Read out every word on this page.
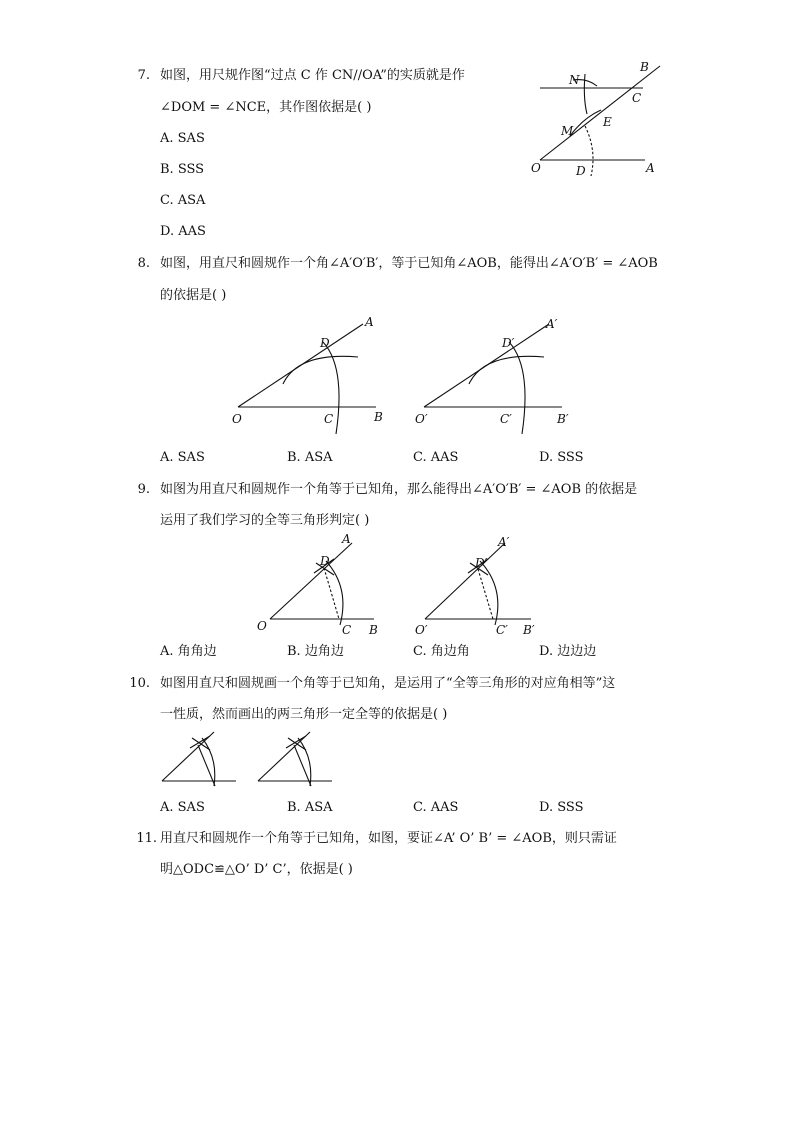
7. 如图，用尺规作图“过点 C 作 CN//OA”的实质就是作
∠DOM = ∠NCE，其作图依据是( )
A. SAS
B. SSS
C. ASA
D. AAS
N
B
C
M
E
O	D	A
8. 如图，用直尺和圆规作一个角∠A′O′B′，等于已知角∠AOB，能得出∠A′O′B′ = ∠AOB
的依据是( )
A
D
O	C	B
A′
D′
O′	C′	B′
A. SAS	B. ASA	C. AAS	D. SSS
9. 如图为用直尺和圆规作一个角等于已知角，那么能得出∠A′O′B′ = ∠AOB 的依据是
运用了我们学习的全等三角形判定( )
A
D
O	C B
A′
D′
O′	C′ B′
A. 角角边	B. 边角边	C. 角边角	D. 边边边
10. 如图用直尺和圆规画一个角等于已知角，是运用了“全等三角形的对应角相等”这
一性质，然而画出的两三角形一定全等的依据是( )
A. SAS	B. ASA	C. AAS	D. SSS
11. 用直尺和圆规作一个角等于已知角，如图，要证∠A’ O’ B’ = ∠AOB，则只需证
明△ODC≌△O’ D’ C’，依据是( )
